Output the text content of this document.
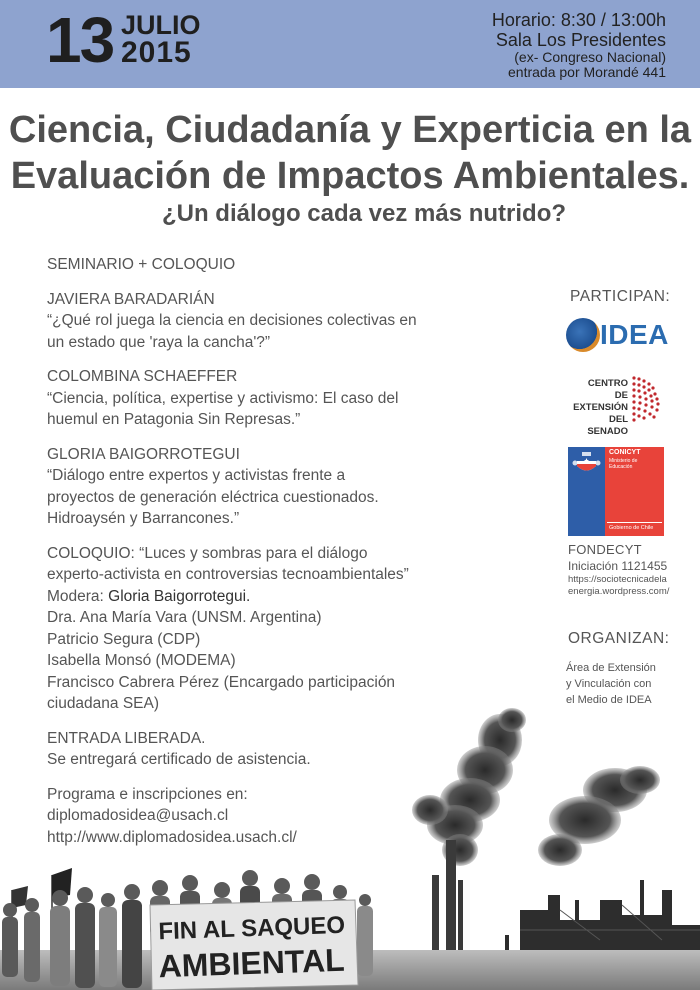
13 JULIO
2015
Horario: 8:30 / 13:00h
Sala Los Presidentes
(ex- Congreso Nacional)
entrada por Morandé 441
Ciencia, Ciudadanía y Experticia en la
Evaluación de Impactos Ambientales.
¿Un diálogo cada vez más nutrido?

SEMINARIO + COLOQUIO

JAVIERA BARADARIÁN

“¿Qué rol juega la ciencia en decisiones colectivas en

un estado que 'raya la cancha'?”

COLOMBINA SCHAEFFER

“Ciencia, política, expertise y activismo: El caso del

huemul en Patagonia Sin Represas.”

GLORIA BAIGORROTEGUI

“Diálogo entre expertos y activistas frente a

proyectos de generación eléctrica cuestionados.

Hidroaysén y Barrancones.”

COLOQUIO: “Luces y sombras para el diálogo

experto-activista en controversias tecnoambientales”

Modera: Gloria Baigorrotegui.

Dra. Ana María Vara (UNSM. Argentina)

Patricio Segura (CDP)

Isabella Monsó (MODEMA)

Francisco Cabrera Pérez (Encargado participación

ciudadana SEA)

ENTRADA LIBERADA.

Se entregará certificado de asistencia.

Programa e inscripciones en:

diplomadosidea@usach.cl

http://www.diplomadosidea.usach.cl/

PARTICIPAN:
IDEA
CENTRO
DE EXTENSIÓN
DEL SENADO
CONICYT
Ministerio de
Educación
Gobierno de Chile
FONDECYT
Iniciación 1121455
https://sociotecnicadela
energia.wordpress.com/
ORGANIZAN:
Área de Extensión
y Vinculación con
el Medio de IDEA
FIN AL SAQUEO
AMBIENTAL
